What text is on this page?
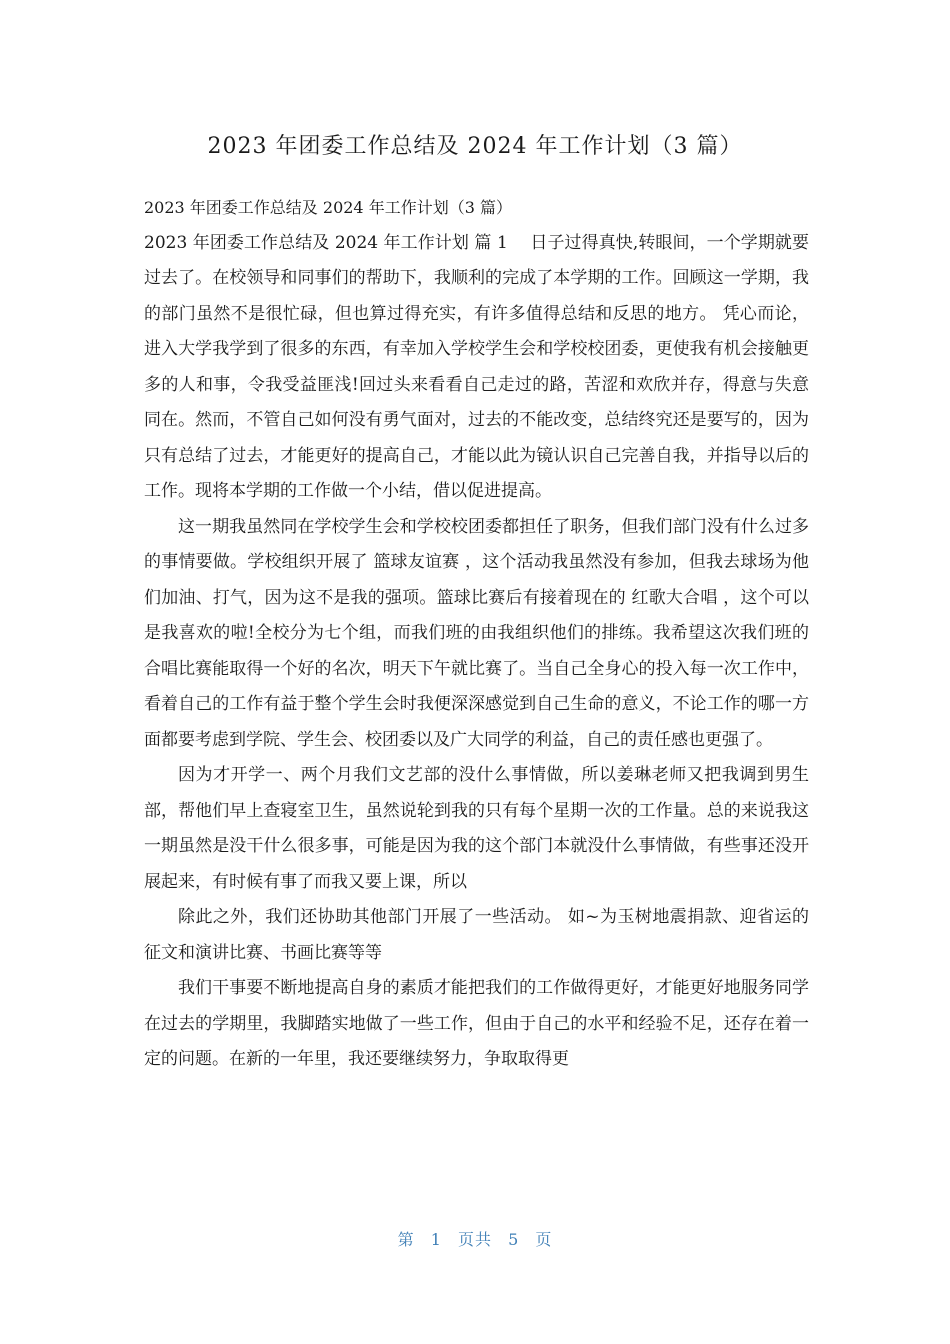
2023 年团委工作总结及 2024 年工作计划（3 篇）

2023 年团委工作总结及 2024 年工作计划（3 篇）

2023 年团委工作总结及 2024 年工作计划 篇 1　 日子过得真快,转眼间，一个学期就要过去了。在校领导和同事们的帮助下，我顺利的完成了本学期的工作。回顾这一学期，我的部门虽然不是很忙碌，但也算过得充实，有许多值得总结和反思的地方。 凭心而论，进入大学我学到了很多的东西，有幸加入学校学生会和学校校团委，更使我有机会接触更多的人和事，令我受益匪浅!回过头来看看自己走过的路，苦涩和欢欣并存，得意与失意同在。然而，不管自己如何没有勇气面对，过去的不能改变，总结终究还是要写的，因为只有总结了过去，才能更好的提高自己，才能以此为镜认识自己完善自我，并指导以后的工作。现将本学期的工作做一个小结，借以促进提高。

这一期我虽然同在学校学生会和学校校团委都担任了职务，但我们部门没有什么过多的事情要做。学校组织开展了 篮球友谊赛 ，这个活动我虽然没有参加，但我去球场为他们加油、打气，因为这不是我的强项。篮球比赛后有接着现在的 红歌大合唱 ，这个可以是我喜欢的啦!全校分为七个组，而我们班的由我组织他们的排练。我希望这次我们班的合唱比赛能取得一个好的名次，明天下午就比赛了。当自己全身心的投入每一次工作中，看着自己的工作有益于整个学生会时我便深深感觉到自己生命的意义，不论工作的哪一方面都要考虑到学院、学生会、校团委以及广大同学的利益，自己的责任感也更强了。

因为才开学一、两个月我们文艺部的没什么事情做，所以姜琳老师又把我调到男生部，帮他们早上查寝室卫生，虽然说轮到我的只有每个星期一次的工作量。总的来说我这一期虽然是没干什么很多事，可能是因为我的这个部门本就没什么事情做，有些事还没开展起来，有时候有事了而我又要上课，所以

除此之外，我们还协助其他部门开展了一些活动。 如~为玉树地震捐款、迎省运的征文和演讲比赛、书画比赛等等

我们干事要不断地提高自身的素质才能把我们的工作做得更好，才能更好地服务同学在过去的学期里，我脚踏实地做了一些工作，但由于自己的水平和经验不足，还存在着一定的问题。在新的一年里，我还要继续努力，争取取得更

第 1 页共 5 页
